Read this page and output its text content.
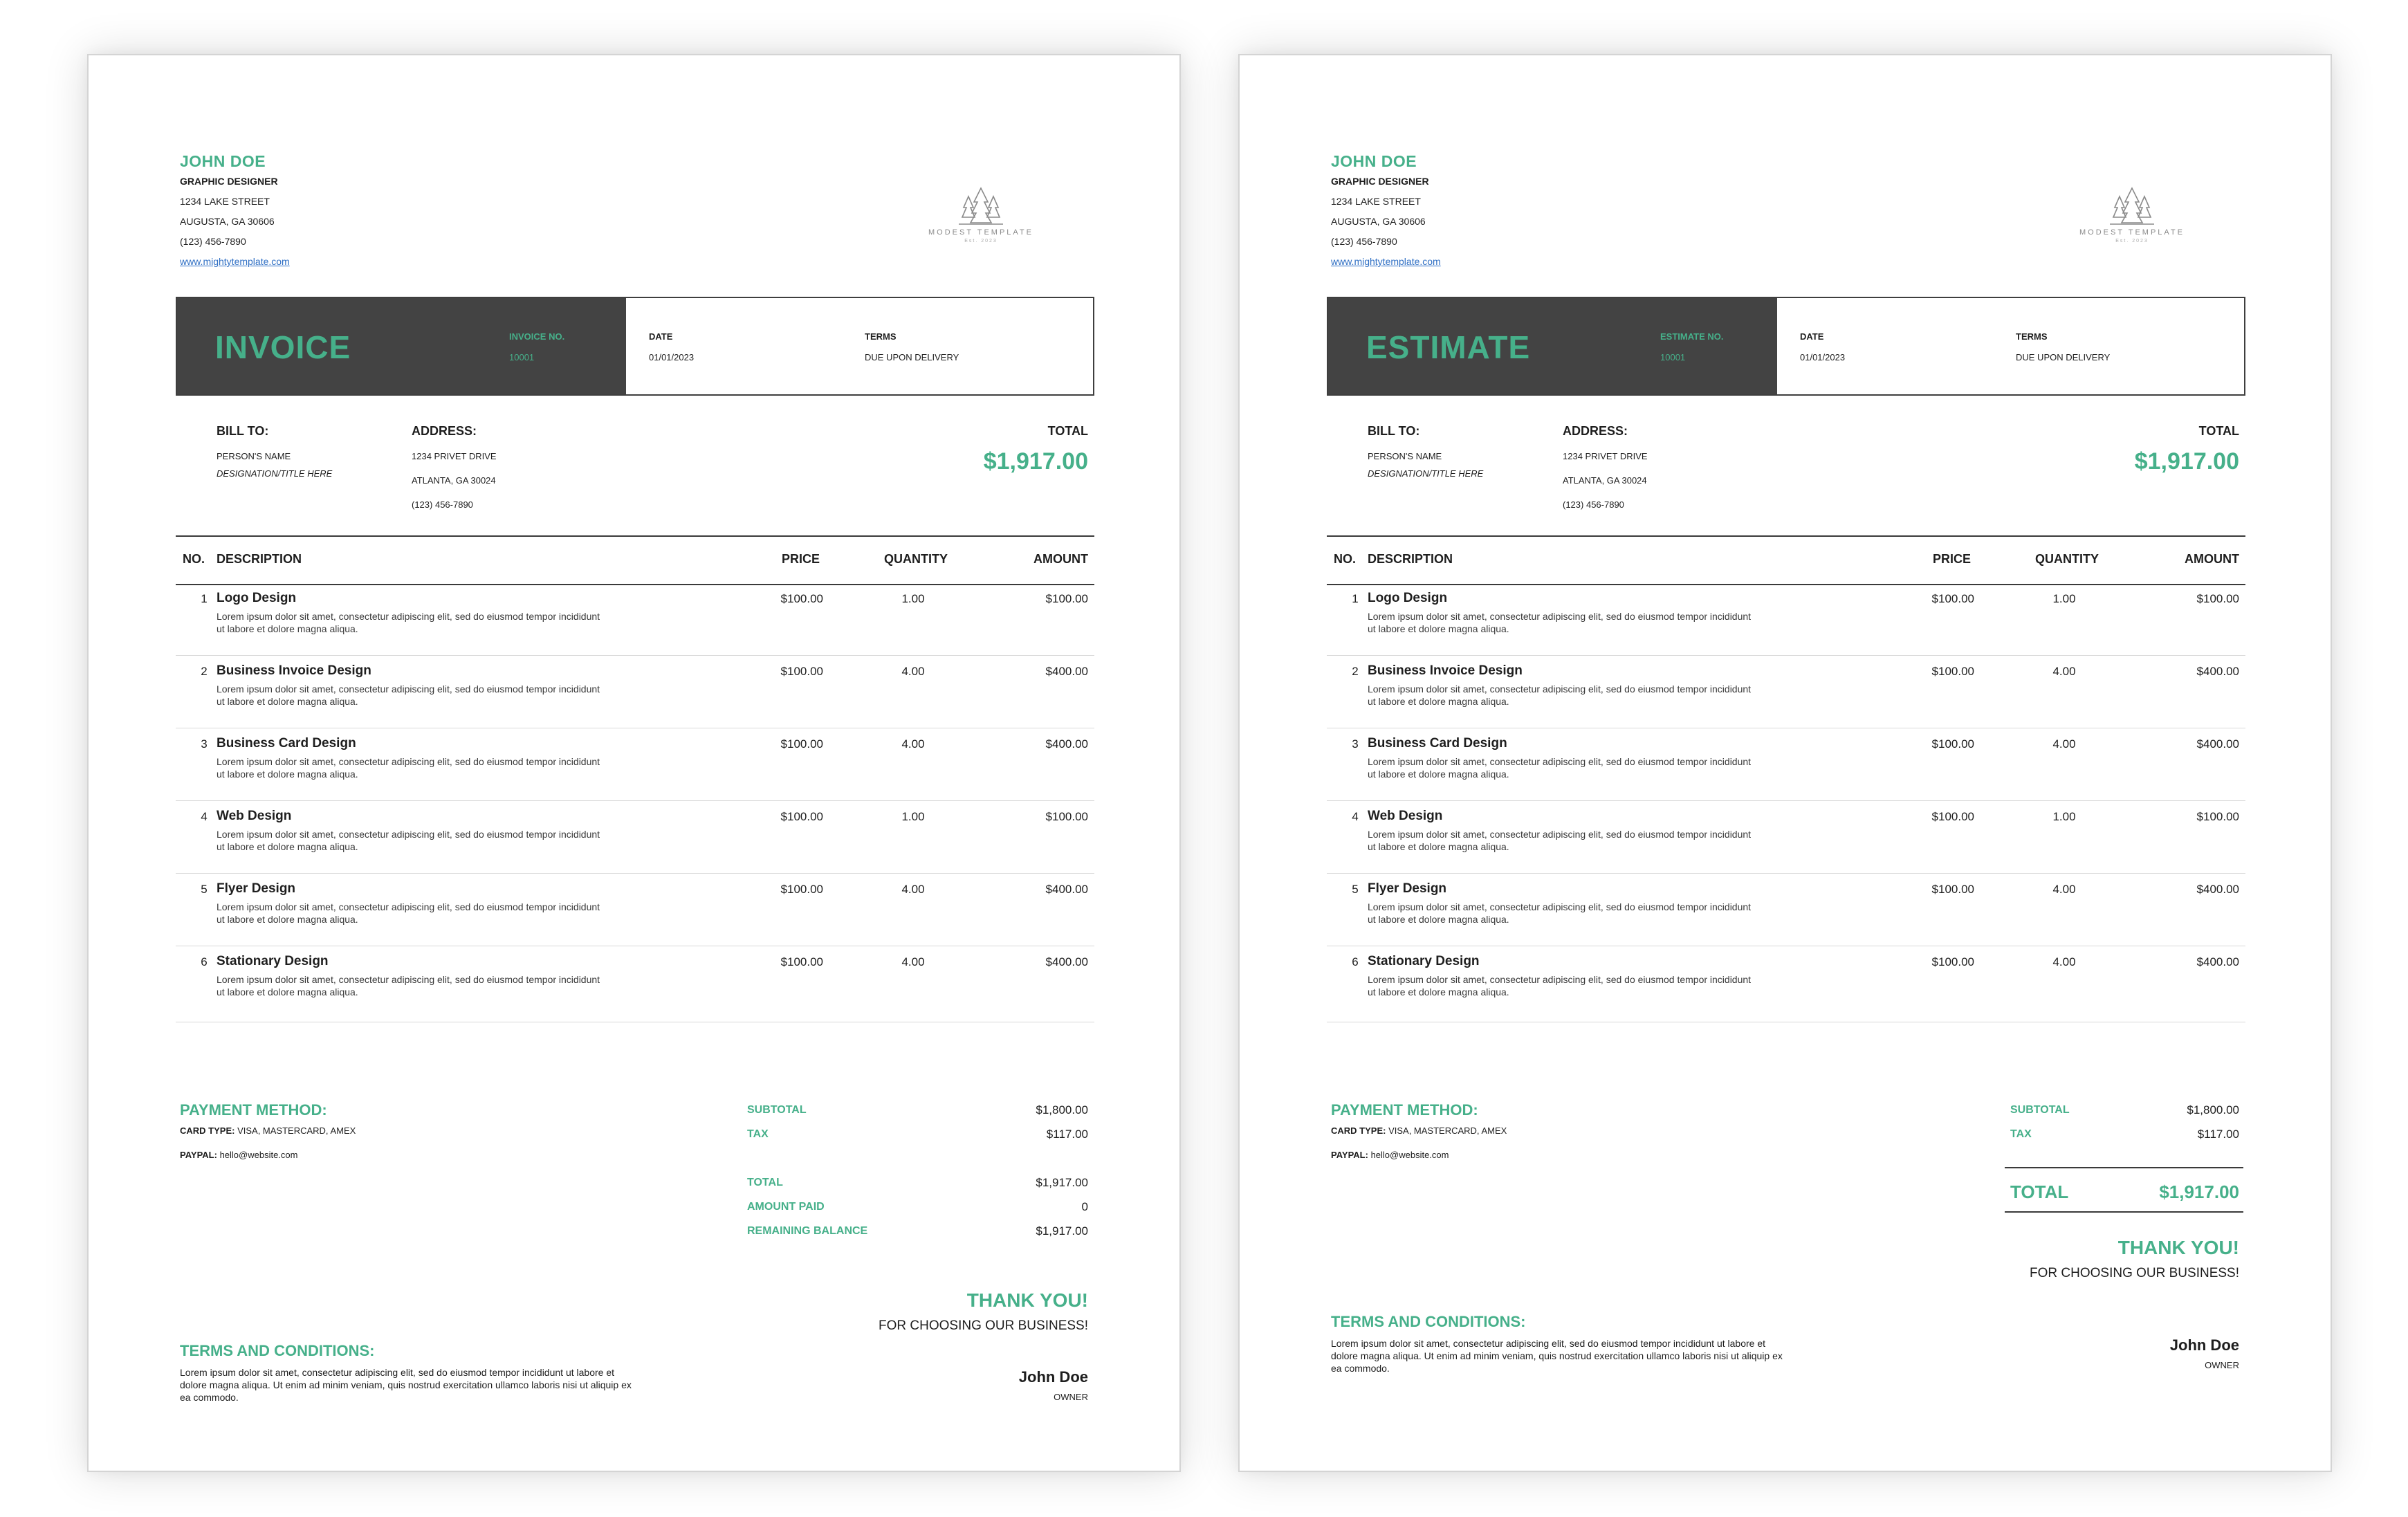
JOHN DOE
GRAPHIC DESIGNER
1234 LAKE STREET
AUGUSTA, GA 30606
(123) 456-7890
www.mightytemplate.com
MODEST TEMPLATE
Est. 2023
INVOICE	INVOICE NO.
10001
DATE
01/01/2023
TERMS
DUE UPON DELIVERY
BILL TO:
PERSON'S NAME
DESIGNATION/TITLE HERE
ADDRESS:
1234 PRIVET DRIVE
ATLANTA, GA 30024
(123) 456-7890
TOTAL
$1,917.00
NO. DESCRIPTION	PRICE	QUANTITY	AMOUNT
1 Logo Design
Lorem ipsum dolor sit amet, consectetur adipiscing elit, sed do eiusmod tempor incididunt ut labore et dolore magna aliqua.
$100.00	1.00	$100.00
2 Business Invoice Design
Lorem ipsum dolor sit amet, consectetur adipiscing elit, sed do eiusmod tempor incididunt ut labore et dolore magna aliqua.
$100.00	4.00	$400.00
3 Business Card Design
Lorem ipsum dolor sit amet, consectetur adipiscing elit, sed do eiusmod tempor incididunt ut labore et dolore magna aliqua.
$100.00	4.00	$400.00
4 Web Design
Lorem ipsum dolor sit amet, consectetur adipiscing elit, sed do eiusmod tempor incididunt ut labore et dolore magna aliqua.
$100.00	1.00	$100.00
5 Flyer Design
Lorem ipsum dolor sit amet, consectetur adipiscing elit, sed do eiusmod tempor incididunt ut labore et dolore magna aliqua.
$100.00	4.00	$400.00
6 Stationary Design
Lorem ipsum dolor sit amet, consectetur adipiscing elit, sed do eiusmod tempor incididunt ut labore et dolore magna aliqua.
$100.00	4.00	$400.00
PAYMENT METHOD:
CARD TYPE: VISA, MASTERCARD, AMEX
PAYPAL: hello@website.com
SUBTOTAL	$1,800.00
TAX	$117.00
TOTAL	$1,917.00
AMOUNT PAID	0
REMAINING BALANCE	$1,917.00
THANK YOU!
FOR CHOOSING OUR BUSINESS!
John Doe
OWNER
TERMS AND CONDITIONS:
Lorem ipsum dolor sit amet, consectetur adipiscing elit, sed do eiusmod tempor incididunt ut labore et dolore magna aliqua. Ut enim ad minim veniam, quis nostrud exercitation ullamco laboris nisi ut aliquip ex ea commodo.
JOHN DOE
GRAPHIC DESIGNER
1234 LAKE STREET
AUGUSTA, GA 30606
(123) 456-7890
www.mightytemplate.com
MODEST TEMPLATE
Est. 2023
ESTIMATE	ESTIMATE NO.
10001
DATE
01/01/2023
TERMS
DUE UPON DELIVERY
BILL TO:
PERSON'S NAME
DESIGNATION/TITLE HERE
ADDRESS:
1234 PRIVET DRIVE
ATLANTA, GA 30024
(123) 456-7890
TOTAL
$1,917.00
NO. DESCRIPTION	PRICE	QUANTITY	AMOUNT
1 Logo Design
Lorem ipsum dolor sit amet, consectetur adipiscing elit, sed do eiusmod tempor incididunt ut labore et dolore magna aliqua.
$100.00	1.00	$100.00
2 Business Invoice Design
Lorem ipsum dolor sit amet, consectetur adipiscing elit, sed do eiusmod tempor incididunt ut labore et dolore magna aliqua.
$100.00	4.00	$400.00
3 Business Card Design
Lorem ipsum dolor sit amet, consectetur adipiscing elit, sed do eiusmod tempor incididunt ut labore et dolore magna aliqua.
$100.00	4.00	$400.00
4 Web Design
Lorem ipsum dolor sit amet, consectetur adipiscing elit, sed do eiusmod tempor incididunt ut labore et dolore magna aliqua.
$100.00	1.00	$100.00
5 Flyer Design
Lorem ipsum dolor sit amet, consectetur adipiscing elit, sed do eiusmod tempor incididunt ut labore et dolore magna aliqua.
$100.00	4.00	$400.00
6 Stationary Design
Lorem ipsum dolor sit amet, consectetur adipiscing elit, sed do eiusmod tempor incididunt ut labore et dolore magna aliqua.
$100.00	4.00	$400.00
PAYMENT METHOD:
CARD TYPE: VISA, MASTERCARD, AMEX
PAYPAL: hello@website.com
SUBTOTAL	$1,800.00
TAX	$117.00
TOTAL	$1,917.00
THANK YOU!
FOR CHOOSING OUR BUSINESS!
John Doe
OWNER
TERMS AND CONDITIONS:
Lorem ipsum dolor sit amet, consectetur adipiscing elit, sed do eiusmod tempor incididunt ut labore et dolore magna aliqua. Ut enim ad minim veniam, quis nostrud exercitation ullamco laboris nisi ut aliquip ex ea commodo.
